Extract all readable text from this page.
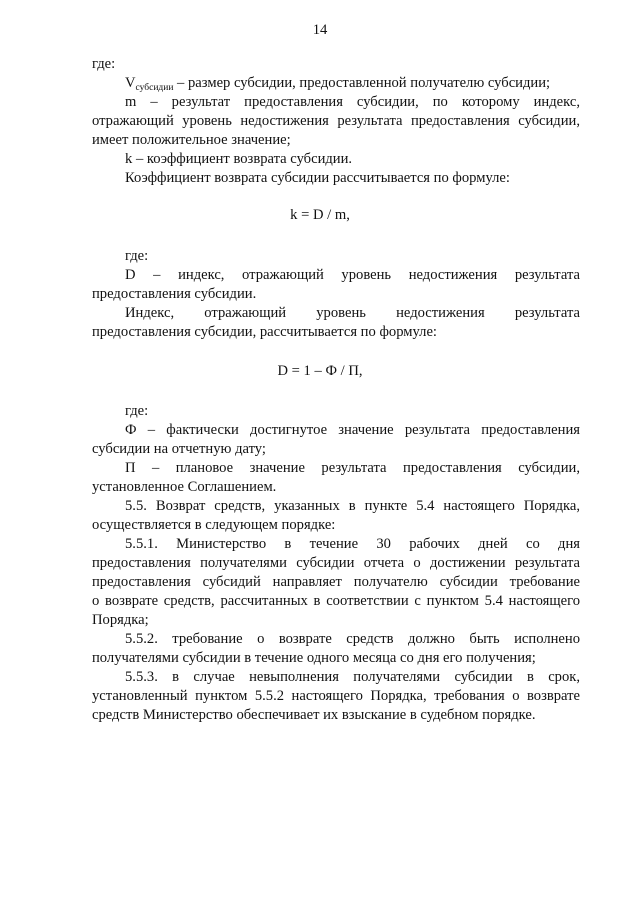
14
где:
$V_{субсидии}$ – размер субсидии, предоставленной получателю субсидии;
m – результат предоставления субсидии, по которому индекс,
отражающий уровень недостижения результата предоставления субсидии,
имеет положительное значение;
k – коэффициент возврата субсидии.
Коэффициент возврата субсидии рассчитывается по формуле:
k = D / m,
где:
D – индекс, отражающий уровень недостижения результата
предоставления субсидии.
Индекс, отражающий уровень недостижения результата
предоставления субсидии, рассчитывается по формуле:
D = 1 – Ф / П,
где:
Ф – фактически достигнутое значение результата предоставления
субсидии на отчетную дату;
П – плановое значение результата предоставления субсидии,
установленное Соглашением.
5.5. Возврат средств, указанных в пункте 5.4 настоящего Порядка,
осуществляется в следующем порядке:
5.5.1. Министерство в течение 30 рабочих дней со дня
предоставления получателями субсидии отчета о достижении результата
предоставления субсидий направляет получателю субсидии требование
о возврате средств, рассчитанных в соответствии с пунктом 5.4 настоящего
Порядка;
5.5.2. требование о возврате средств должно быть исполнено
получателями субсидии в течение одного месяца со дня его получения;
5.5.3. в случае невыполнения получателями субсидии в срок,
установленный пунктом 5.5.2 настоящего Порядка, требования о возврате
средств Министерство обеспечивает их взыскание в судебном порядке.
